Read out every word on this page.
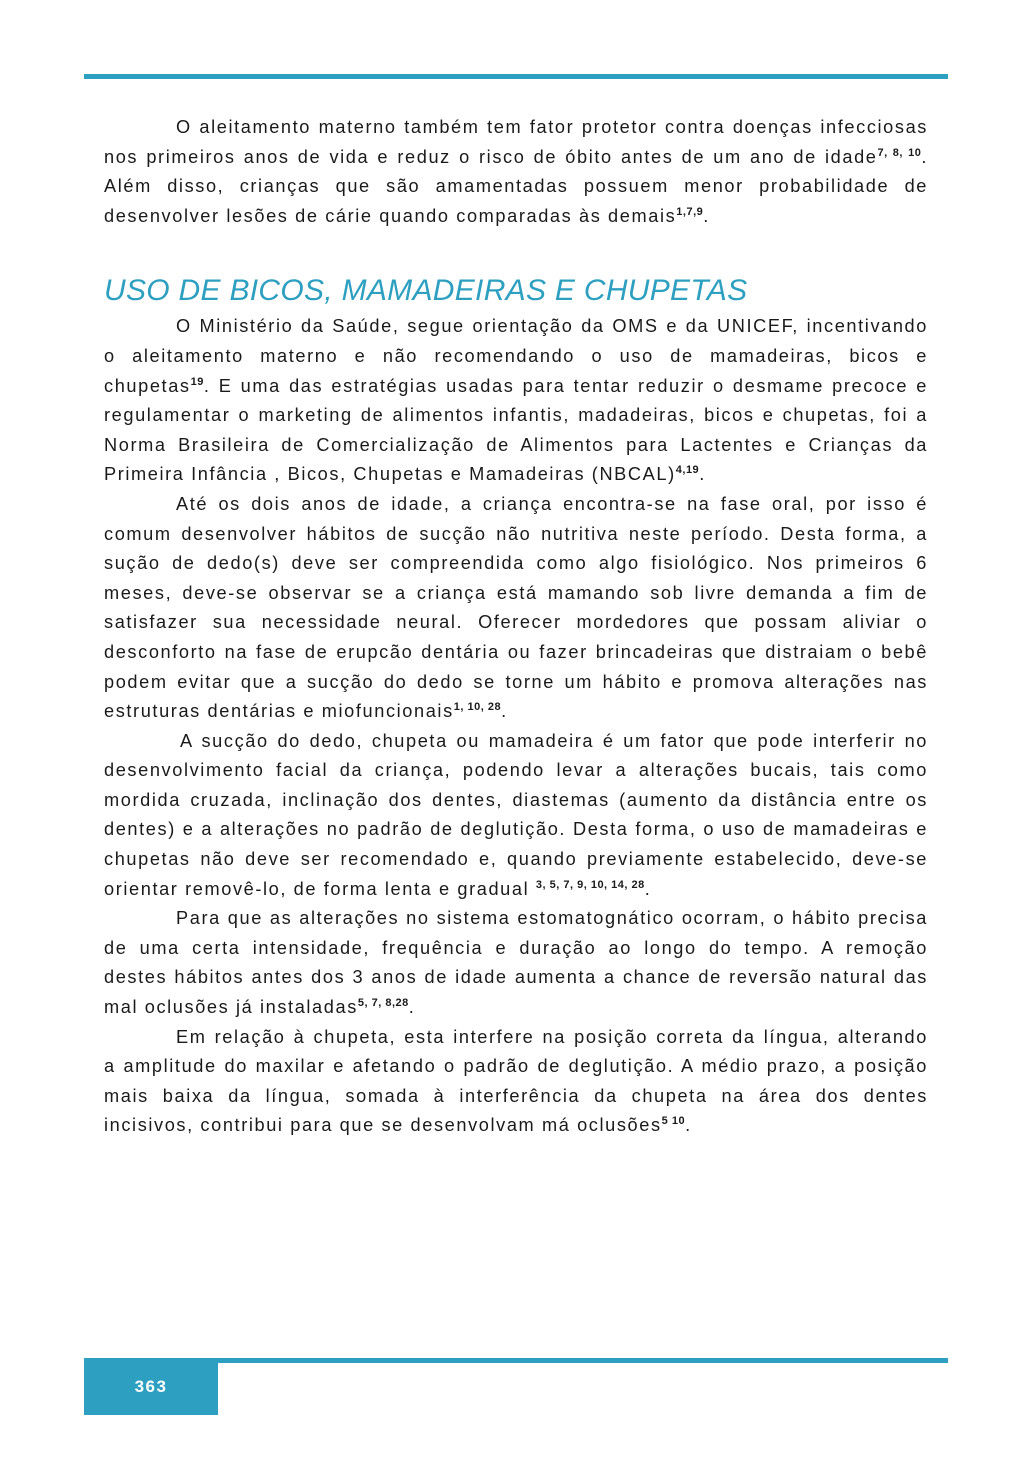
O aleitamento materno também tem fator protetor contra doenças infecciosas nos primeiros anos de vida e reduz o risco de óbito antes de um ano de idade$^{7, 8, 10}$. Além disso, crianças que são amamentadas possuem menor probabilidade de desenvolver lesões de cárie quando comparadas às demais$^{1,7,9}$.

USO DE BICOS, MAMADEIRAS E CHUPETAS

O Ministério da Saúde, segue orientação da OMS e da UNICEF, incentivando o aleitamento materno e não recomendando o uso de mamadeiras, bicos e chupetas$^{19}$. E uma das estratégias usadas para tentar reduzir o desmame precoce e regulamentar o marketing de alimentos infantis, madadeiras, bicos e chupetas, foi a Norma Brasileira de Comercialização de Alimentos para Lactentes e Crianças da Primeira Infância , Bicos, Chupetas e Mamadeiras (NBCAL)$^{4,19}$.

Até os dois anos de idade, a criança encontra-se na fase oral, por isso é comum desenvolver hábitos de sucção não nutritiva neste período. Desta forma, a sução de dedo(s) deve ser compreendida como algo fisiológico. Nos primeiros 6 meses, deve-se observar se a criança está mamando sob livre demanda a fim de satisfazer sua necessidade neural. Oferecer mordedores que possam aliviar o desconforto na fase de erupcão dentária ou fazer brincadeiras que distraiam o bebê podem evitar que a sucção do dedo se torne um hábito e promova alterações nas estruturas dentárias e miofuncionais$^{1, 10, 28}$.

A sucção do dedo, chupeta ou mamadeira é um fator que pode interferir no desenvolvimento facial da criança, podendo levar a alterações bucais, tais como mordida cruzada, inclinação dos dentes, diastemas (aumento da distância entre os dentes) e a alterações no padrão de deglutição. Desta forma, o uso de mamadeiras e chupetas não deve ser recomendado e, quando previamente estabelecido, deve-se orientar removê-lo, de forma lenta e gradual $^{3, 5, 7, 9, 10, 14, 28}$.

Para que as alterações no sistema estomatognático ocorram, o hábito precisa de uma certa intensidade, frequência e duração ao longo do tempo. A remoção destes hábitos antes dos 3 anos de idade aumenta a chance de reversão natural das mal oclusões já instaladas$^{5, 7, 8,28}$.

Em relação à chupeta, esta interfere na posição correta da língua, alterando a amplitude do maxilar e afetando o padrão de deglutição. A médio prazo, a posição mais baixa da língua, somada à interferência da chupeta na área dos dentes incisivos, contribui para que se desenvolvam má oclusões$^{5 10}$.

363
